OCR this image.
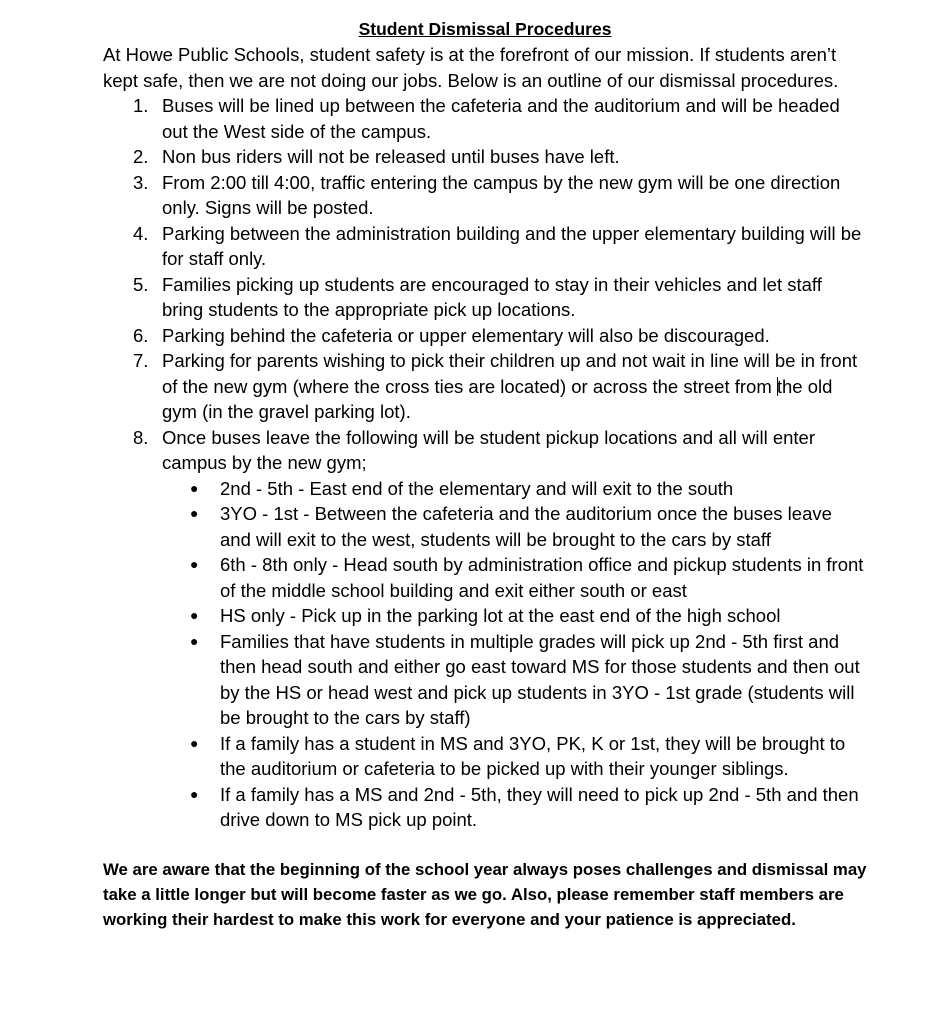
Student Dismissal Procedures

At Howe Public Schools, student safety is at the forefront of our mission. If students aren’t kept safe, then we are not doing our jobs. Below is an outline of our dismissal procedures.

1. Buses will be lined up between the cafeteria and the auditorium and will be headed out the West side of the campus.
2. Non bus riders will not be released until buses have left.
3. From 2:00 till 4:00, traffic entering the campus by the new gym will be one direction only. Signs will be posted.
4. Parking between the administration building and the upper elementary building will be for staff only.
5. Families picking up students are encouraged to stay in their vehicles and let staff bring students to the appropriate pick up locations.
6. Parking behind the cafeteria or upper elementary will also be discouraged.
7. Parking for parents wishing to pick their children up and not wait in line will be in front of the new gym (where the cross ties are located) or across the street from the old gym (in the gravel parking lot).
8. Once buses leave the following will be student pickup locations and all will enter campus by the new gym;
● 2nd - 5th - East end of the elementary and will exit to the south
● 3YO - 1st - Between the cafeteria and the auditorium once the buses leave and will exit to the west, students will be brought to the cars by staff
● 6th - 8th only - Head south by administration office and pickup students in front of the middle school building and exit either south or east
● HS only - Pick up in the parking lot at the east end of the high school
● Families that have students in multiple grades will pick up 2nd - 5th first and then head south and either go east toward MS for those students and then out by the HS or head west and pick up students in 3YO - 1st grade (students will be brought to the cars by staff)
● If a family has a student in MS and 3YO, PK, K or 1st, they will be brought to the auditorium or cafeteria to be picked up with their younger siblings.
● If a family has a MS and 2nd - 5th, they will need to pick up 2nd - 5th and then drive down to MS pick up point.

We are aware that the beginning of the school year always poses challenges and dismissal may take a little longer but will become faster as we go. Also, please remember staff members are working their hardest to make this work for everyone and your patience is appreciated.
